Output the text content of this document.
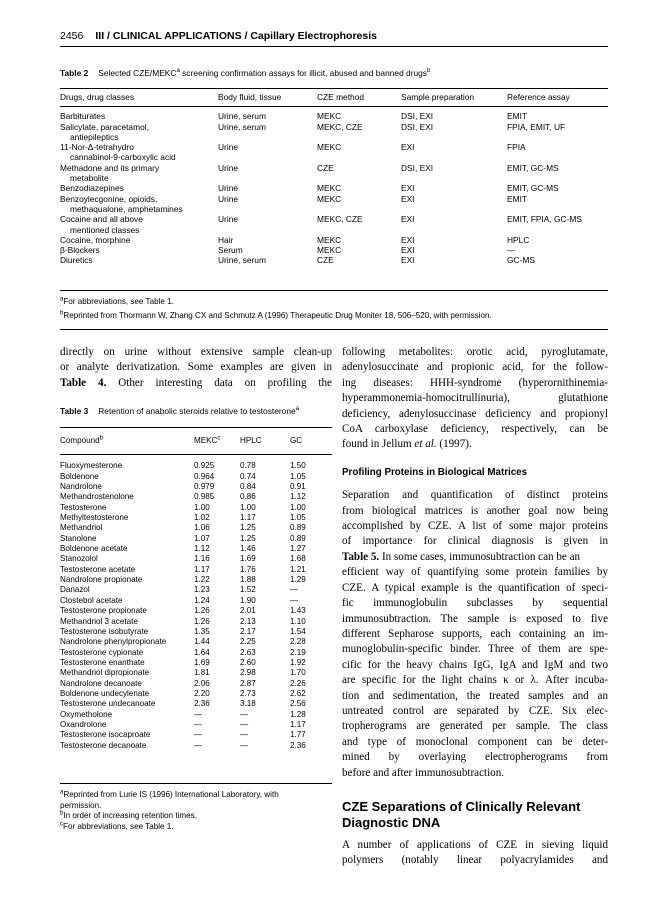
2456 III / CLINICAL APPLICATIONS / Capillary Electrophoresis
Table 2 Selected CZE/MEKC$^a$ screening confirmation assays for illicit, abused and banned drugs$^b$
Drugs, drug classes	Body fluid, tissue	CZE method	Sample preparation	Reference assay

Barbiturates	Urine, serum	MEKC	DSI, EXI	EMIT

Salicylate, paracetamol,
antiepileptics	Urine, serum	MEKC, CZE	DSI, EXI	FPIA, EMIT, UF

11-Nor-Δ-tetrahydro
cannabinol-9-carboxylic acid	Urine	MEKC	EXI	FPIA

Methadone and its primary
metabolite	Urine	CZE	DSI, EXI	EMIT, GC-MS

Benzodiazepines	Urine	MEKC	EXI	EMIT, GC-MS

Benzoylecgonine, opioids,
methaqualone, amphetamines	Urine	MEKC	EXI	EMIT

Cocaine and all above
mentioned classes	Urine	MEKC, CZE	EXI	EMIT, FPIA, GC-MS

Cocaine, morphine	Hair	MEKC	EXI	HPLC

β-Blockers	Serum	MEKC	EXI	—

Diuretics	Urine, serum	CZE	EXI	GC-MS
$^a$For abbreviations, see Table 1.
$^b$Reprinted from Thormann W, Zhang CX and Schmutz A (1996) Therapeutic Drug Moniter 18, 506–520, with permission.
directly on urine without extensive sample clean-up
or analyte derivatization. Some examples are given in
Table 4. Other interesting data on profiling the
Table 3 Retention of anabolic steroids relative to testosterone$^a$
Compound$^b$	MEKC$^c$	HPLC	GC
Fluoxymesterone	0.925	0.78	1.50
Boldenone	0.964	0.74	1.05
Nandrolone	0.979	0.84	0.91
Methandrostenolone	0.985	0.86	1.12
Testosterone	1.00	1.00	1.00
Methyltestosterone	1.02	1.17	1.05
Methandriol	1.06	1.25	0.89
Stanolone	1.07	1.25	0.89
Boldenone acetate	1.12	1.46	1.27
Stanozolol	1.16	1.69	1.68
Testosterone acetate	1.17	1.76	1.21
Nandrolone propionate	1.22	1.88	1.29
Danazol	1.23	1.52	—
Clostebol acetate	1.24	1.90	—
Testosterone propionate	1.26	2.01	1.43
Methandriol 3 acetate	1.26	2.13	1.10
Testosterone isobutyrate	1.35	2.17	1.54
Nandrolone phenylpropionate	1.44	2.25	2.28
Testosterone cypionate	1.64	2.63	2.19
Testosterone enanthate	1.69	2.60	1.92
Methandriol dipropionate	1.81	2.98	1.70
Nandrolone decanoate	2.06	2.87	2.26
Boldenone undecylenate	2.20	2.73	2.62
Testosterone undecanoate	2.36	3.18	2.56
Oxymetholone	—	—	1.28
Oxandrolone	—	—	1.17
Testosterone isocaproate	—	—	1.77
Testosterone decanoate	—	—	2.36
$^a$Reprinted from Lurie IS (1996) International Laboratory, with
permission.
$^b$In order of increasing retention times.
$^c$For abbreviations, see Table 1.
following metabolites: orotic acid, pyroglutamate,
adenylosuccinate and propionic acid, for the follow-
ing diseases: HHH-syndrome (hyperornithinemia-
hyperammonemia-homocitrullinuria), glutathione
deficiency, adenylosuccinase deficiency and propionyl
CoA carboxylase deficiency, respectively, can be
found in Jellum et al. (1997).
Profiling Proteins in Biological Matrices
Separation and quantification of distinct proteins
from biological matrices is another goal now being
accomplished by CZE. A list of some major proteins
of importance for clinical diagnosis is given in
Table 5. In some cases, immunosubtraction can be an
efficient way of quantifying some protein families by
CZE. A typical example is the quantification of speci-
fic immunoglobulin subclasses by sequential
immunosubtraction. The sample is exposed to five
different Sepharose supports, each containing an im-
munoglobulin-specific binder. Three of them are spe-
cific for the heavy chains IgG, IgA and IgM and two
are specific for the light chains κ or λ. After incuba-
tion and sedimentation, the treated samples and an
untreated control are separated by CZE. Six elec-
tropherograms are generated per sample. The class
and type of monoclonal component can be deter-
mined by overlaying electropherograms from
before and after immunosubtraction.
CZE Separations of Clinically Relevant
Diagnostic DNA
A number of applications of CZE in sieving liquid
polymers (notably linear polyacrylamides and
